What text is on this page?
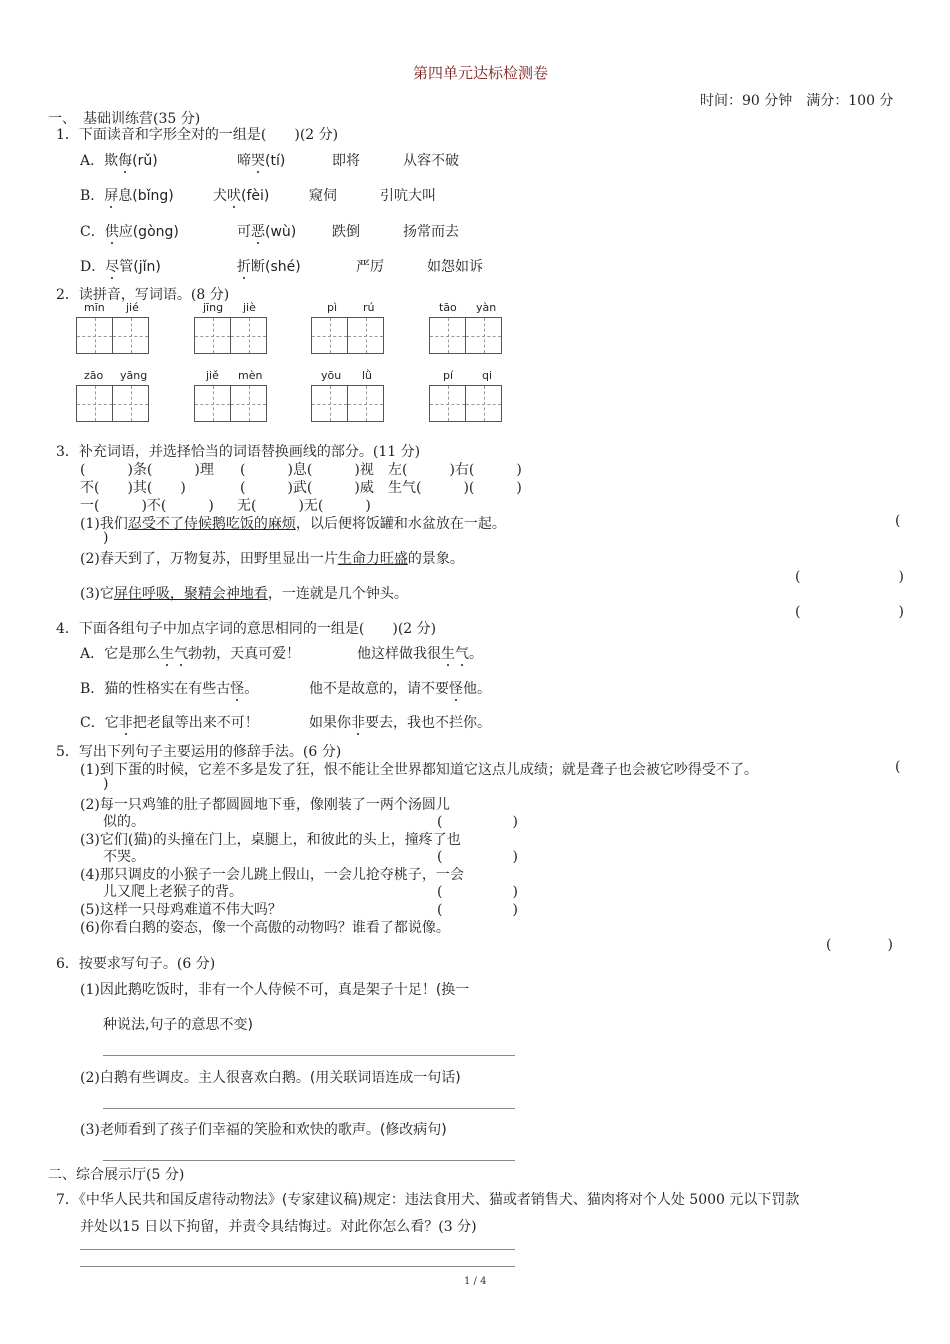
第四单元达标检测卷
时间：90 分钟　满分：100 分
一、　基础训练营(35 分)
1．下面读音和字形全对的一组是(　　)(2 分)
A．欺侮(rǔ)	啼哭(tí)	即将	从容不破
B．屏息(bǐng)	犬吠(fèi)	窥伺	引吭大叫
C．供应(gòng)	可恶(wù)	跌倒	扬常而去
D．尽管(jǐn)	折断(shé)	严厉	如怨如诉
2．读拼音，写词语。(8 分)
mīn jié	jīng jiè	pì rú	tāo yàn
zāo yāng	jiě mèn	yōu lǜ	pí	qi
3．补充词语，并选择恰当的词语替换画线的部分。(11 分)
(　　　)条(　　　)理 (　　　)息(　　　)视 左(　　　)右(　　　)
不(　　)其(　　)	(　　　)武(　　　)威 生气(　　　)(　　　)
一(　　　)不(　　　) 无(　　　)无(　　　)
(1)我们忍受不了侍候鹅吃饭的麻烦，以后便将饭罐和水盆放在一起。	(
)
(2)春天到了，万物复苏，田野里显出一片生命力旺盛的景象。
(　　　　　　　)
(3)它屏住呼吸，聚精会神地看，一连就是几个钟头。
(　　　　　　　)
4．下面各组句子中加点字词的意思相同的一组是(　　)(2 分)
A．它是那么生气勃勃，天真可爱！	他这样做我很生气。
B．猫的性格实在有些古怪。	他不是故意的，请不要怪他。
C．它非把老鼠等出来不可！	如果你非要去，我也不拦你。
5．写出下列句子主要运用的修辞手法。(6 分)
(1)到下蛋的时候，它差不多是发了狂，恨不能让全世界都知道它这点儿成绩；就是聋子也会被它吵得受不了。	(
)
(2)每一只鸡雏的肚子都圆圆地下垂，像刚装了一两个汤圆儿
似的。	(　　　　　)
(3)它们(猫)的头撞在门上，桌腿上，和彼此的头上，撞疼了也
不哭。	(　　　　　)
(4)那只调皮的小猴子一会儿跳上假山，一会儿抢夺桃子，一会
儿又爬上老猴子的背。	(　　　　　)
(5)这样一只母鸡难道不伟大吗？	(　　　　　)
(6)你看白鹅的姿态，像一个高傲的动物吗？谁看了都说像。
(　　　　)
6．按要求写句子。(6 分)
(1)因此鹅吃饭时，非有一个人侍候不可，真是架子十足！(换一
种说法,句子的意思不变)
(2)白鹅有些调皮。主人很喜欢白鹅。(用关联词语连成一句话)
(3)老师看到了孩子们幸福的笑脸和欢快的歌声。(修改病句)
二、综合展示厅(5 分)
7．《中华人民共和国反虐待动物法》(专家建议稿)规定：违法食用犬、猫或者销售犬、猫肉将对个人处 5000 元以下罚款
并处以15 日以下拘留，并责令具结悔过。对此你怎么看？(3 分)
1 / 4
